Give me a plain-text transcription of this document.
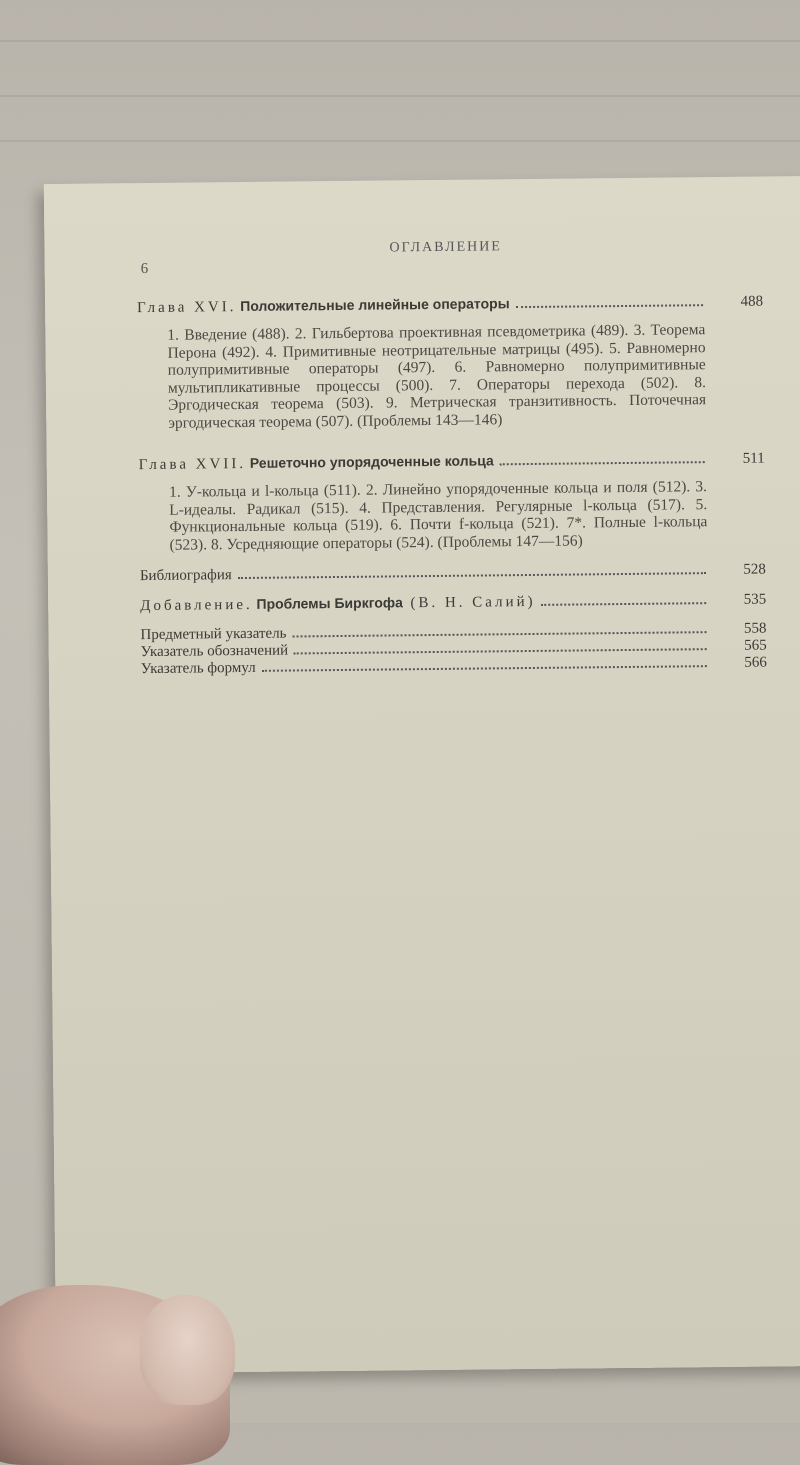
6
ОГЛАВЛЕНИЕ
Глава XVI.
Положительные линейные операторы	488
1. Введение (488). 2. Гильбертова проективная псевдометрика (489). 3. Теорема Перона (492). 4. Примитивные неотрицательные матрицы (495). 5. Равномерно полупримитивные операторы (497). 6. Равномерно полупримитивные мультипликативные процессы (500). 7. Операторы перехода (502). 8. Эргодическая теорема (503). 9. Метрическая транзитивность. Поточечная эргодическая теорема (507). (Проблемы 143—146)
Глава XVII.
Решеточно упорядоченные кольца	511
1. У-кольца и l-кольца (511). 2. Линейно упорядоченные кольца и поля (512). 3. L-идеалы. Радикал (515). 4. Представления. Регулярные l-кольца (517). 5. Функциональные кольца (519). 6. Почти f-кольца (521). 7*. Полные l-кольца (523). 8. Усредняющие операторы (524). (Проблемы 147—156)
Библиография	528
Добавление.
Проблемы Биркгофа
(В. Н. Салий)	535
Предметный указатель	558
Указатель обозначений	565
Указатель формул	566
